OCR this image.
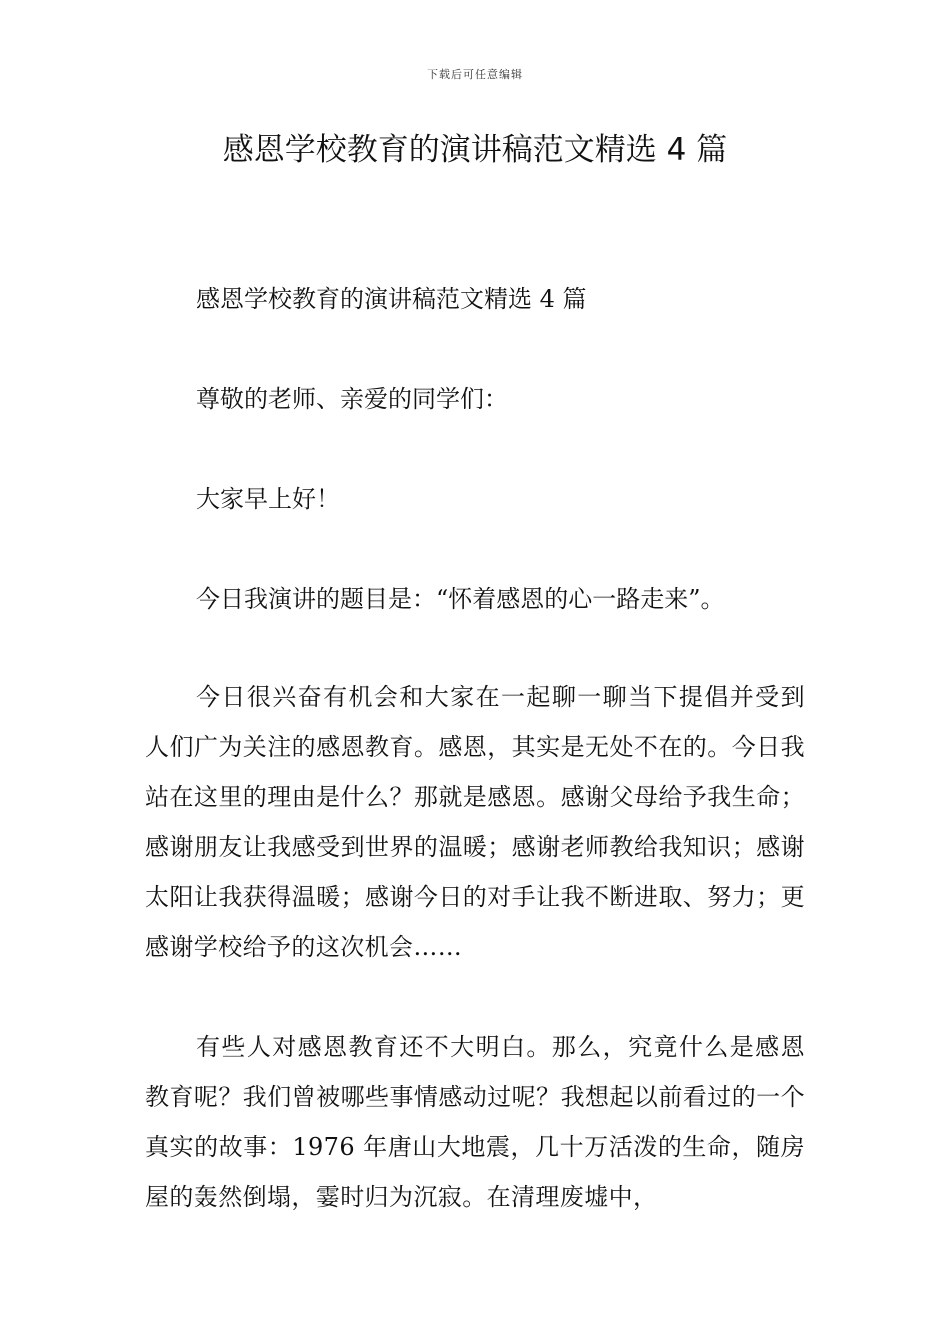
下载后可任意编辑
感恩学校教育的演讲稿范文精选 4 篇
感恩学校教育的演讲稿范文精选 4 篇
尊敬的老师、亲爱的同学们：
大家早上好！
今日我演讲的题目是：“怀着感恩的心一路走来”。

今日很兴奋有机会和大家在一起聊一聊当下提倡并受到人们广为关注的感恩教育。感恩，其实是无处不在的。今日我站在这里的理由是什么？那就是感恩。感谢父母给予我生命；感谢朋友让我感受到世界的温暖；感谢老师教给我知识；感谢太阳让我获得温暖；感谢今日的对手让我不断进取、努力；更感谢学校给予的这次机会……

有些人对感恩教育还不大明白。那么，究竟什么是感恩教育呢？我们曾被哪些事情感动过呢？我想起以前看过的一个真实的故事：1976 年唐山大地震，几十万活泼的生命，随房屋的轰然倒塌，霎时归为沉寂。在清理废墟中，
